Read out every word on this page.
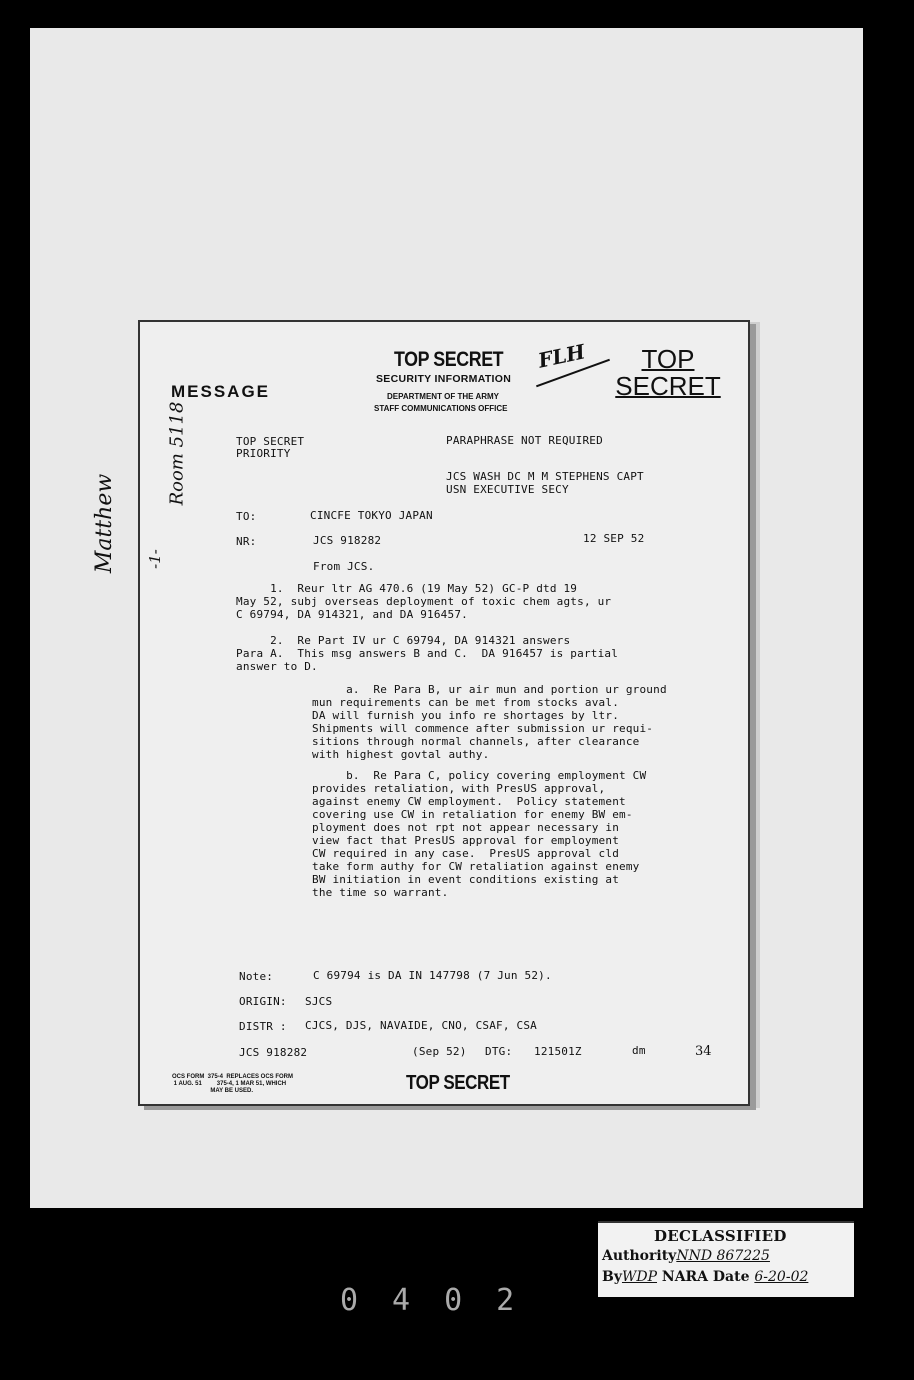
MESSAGE
TOP SECRET
SECURITY INFORMATION
DEPARTMENT OF THE ARMY
STAFF COMMUNICATIONS OFFICE
FLH	TOP
SECRET
TOP SECRET
PRIORITY
PARAPHRASE NOT REQUIRED
JCS WASH DC M M STEPHENS CAPT
USN EXECUTIVE SECY
TO:	CINCFE TOKYO JAPAN
NR:	JCS 918282	12 SEP 52
From JCS.
1.  Reur ltr AG 470.6 (19 May 52) GC-P dtd 19
May 52, subj overseas deployment of toxic chem agts, ur
C 69794, DA 914321, and DA 916457.
2.  Re Part IV ur C 69794, DA 914321 answers
Para A.  This msg answers B and C.  DA 916457 is partial
answer to D.
a.  Re Para B, ur air mun and portion ur ground
mun requirements can be met from stocks aval.
DA will furnish you info re shortages by ltr.
Shipments will commence after submission ur requi-
sitions through normal channels, after clearance
with highest govtal authy.
b.  Re Para C, policy covering employment CW
provides retaliation, with PresUS approval,
against enemy CW employment.  Policy statement
covering use CW in retaliation for enemy BW em-
ployment does not rpt not appear necessary in
view fact that PresUS approval for employment
CW required in any case.  PresUS approval cld
take form authy for CW retaliation against enemy
BW initiation in event conditions existing at
the time so warrant.
Note:	C 69794 is DA IN 147798 (7 Jun 52).
ORIGIN: SJCS
DISTR : CJCS, DJS, NAVAIDE, CNO, CSAF, CSA
JCS 918282	(Sep 52) DTG: 121501Z	dm	34
OCS FORM  375-4  REPLACES OCS FORM
1 AUG. 51         375-4, 1 MAR 51, WHICH
MAY BE USED.	TOP SECRET
Room 5118
Matthew -1-
DECLASSIFIED
AuthorityNND 867225
ByWDP NARA Date 6-20-02
0402
